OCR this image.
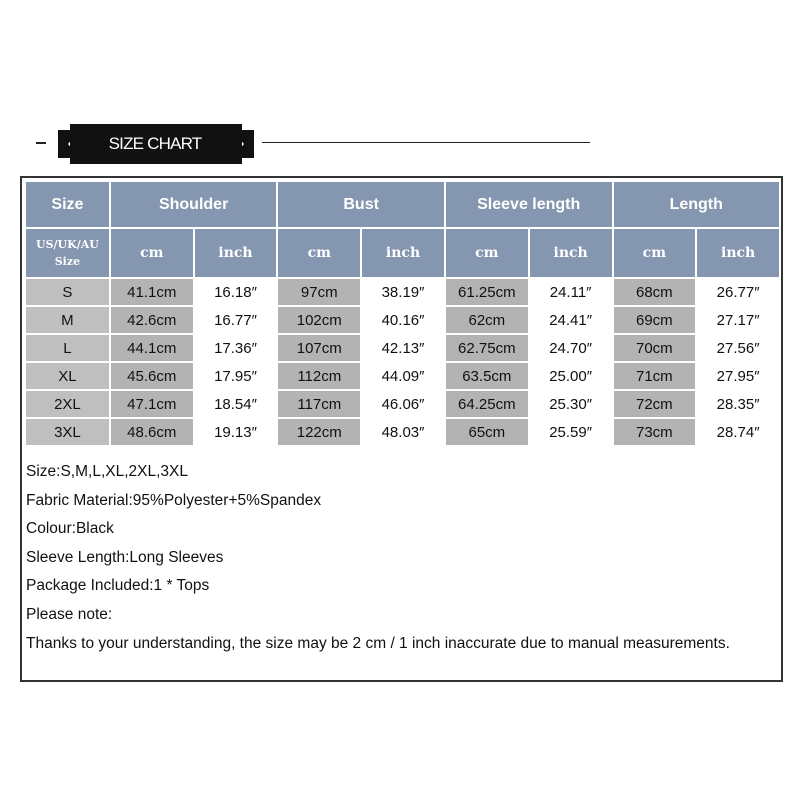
SIZE CHART
Size	Shoulder		Bust		Sleeve length		Length	

US/UK/AU
Size	cm	inch	cm	inch	cm	inch	cm	inch
S	41.1cm	16.18″	97cm	38.19″	61.25cm	24.11″	68cm	26.77″
M	42.6cm	16.77″	102cm	40.16″	62cm	24.41″	69cm	27.17″
L	44.1cm	17.36″	107cm	42.13″	62.75cm	24.70″	70cm	27.56″
XL	45.6cm	17.95″	112cm	44.09″	63.5cm	25.00″	71cm	27.95″
2XL	47.1cm	18.54″	117cm	46.06″	64.25cm	25.30″	72cm	28.35″
3XL	48.6cm	19.13″	122cm	48.03″	65cm	25.59″	73cm	28.74″
Size:S,M,L,XL,2XL,3XL
Fabric Material:95%Polyester+5%Spandex
Colour:Black
Sleeve Length:Long Sleeves
Package Included:1 * Tops
Please note:
Thanks to your understanding, the size may be 2 cm / 1 inch inaccurate due to manual measurements.
